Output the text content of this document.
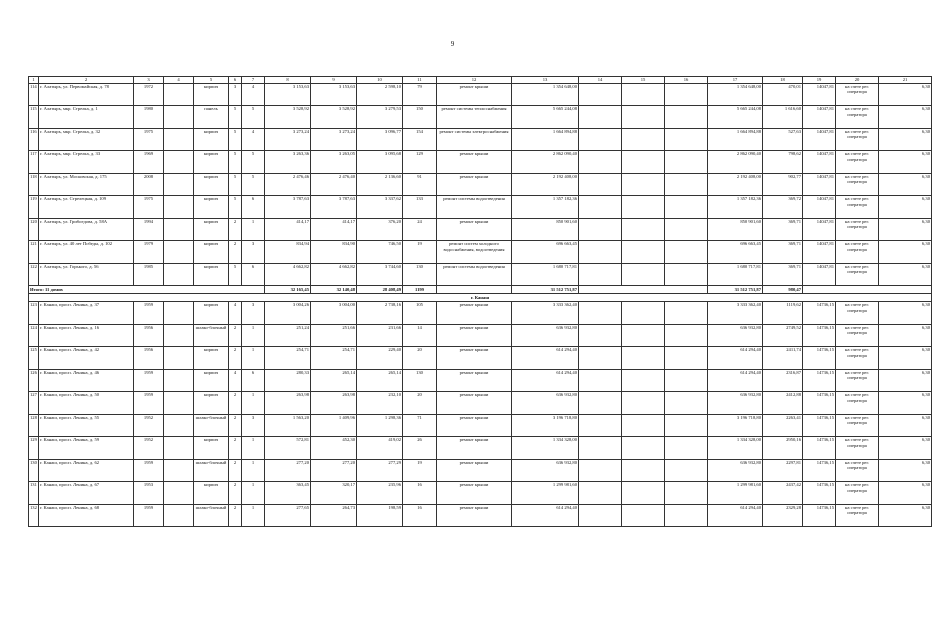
9
1	2	3	4	5	6	7	8	9	10	11	12	13	14	15	16	17	18	19	20	21
114	г. Алатырь, ул. Первомайская, д. 78	1972		кирпич	3	4	3 153,63	3 153,63	2 598,10	79	ремонт крыши	1 354 648,00				1 354 648,00	470,01	14047,81	на счете рег. оператора	6,30
115	г. Алатырь, мкр. Стрелка, д. 1	1980		панель	5	5	3 528,92	3 528,92	3 279,53	150	ремонт системы теплоснабжения	5 665 244,08				5 665 244,08	1 616,60	14047,81	на счете рег. оператора	6,30
116	г. Алатырь, мкр. Стрелка, д. 32	1975		кирпич	5	4	3 273,24	3 273,24	3 096,77	154	ремонт системы электроснабжения	1 664 894,88				1 664 894,88	527,63	14047,81	на счете рег. оператора	6,30
117	г. Алатырь, мкр. Стрелка, д. 33	1969		кирпич	5	5	3 263,36	3 263,05	3 095,68	129	ремонт крыши	2 862 090,40				2 862 090,40	798,62	14047,81	на счете рег. оператора	6,30
118	г. Алатырь, ул. Московская, д. 175	2008		кирпич	5	5	2 476,46	2 476,40	2 136,60	91	ремонт крыши	2 192 408,00				2 192 408,00	902,77	14047,81	на счете рег. оператора	6,30
119	г. Алатырь, ул. Стрелецкая, д. 109	1975		кирпич	5	6	3 787,63	3 787,63	3 337,62	133	ремонт системы водоотведения	1 357 182,36				1 357 182,36	369,72	14047,81	на счете рег. оператора	6,30
120	г. Алатырь, ул. Грибоедова, д. 58А	1994		кирпич	2	1	414,17	414,17	376,20	24	ремонт крыши	850 901,60				850 901,60	369,71	14047,81	на счете рег. оператора	6,30
121	г. Алатырь, ул. 40 лет Победы, д. 102	1979		кирпич	2	3	834,94	834,90	746,50	19	ремонт систем холодного водоснабжения, водоотведения	696 663,45				696 663,45	369,71	14047,81	на счете рег. оператора	6,30
122	г. Алатырь, ул. Горького, д. 56	1985		кирпич	5	6	4 662,82	4 662,82	3 744,60	130	ремонт системы водоотведения	1 680 717,81				1 680 717,81	369,71	14047,81	на счете рег. оператора	6,30
Итого: 11 домов							32 165,45	32 140,48	28 408,49	1199		31 512 751,87				31 512 751,87	980,47			
г. Канаш																				
123	г. Канаш, просп. Ленина, д. 37	1959		кирпич	4	3	3 004,26	3 004,00	2 738,16	105	ремонт крыши	3 333 362,40				3 333 362,40	1119,62	14736,15	на счете рег. оператора	6,30
124	г. Канаш, просп. Ленина, д. 16	1956		шлако-блочный	2	1	251,24	251,66	231,66	14	ремонт крыши	636 932,80				636 932,80	2749,52	14736,15	на счете рег. оператора	6,30
125	г. Канаш, просп. Ленина, д. 42	1956		кирпич	2	1	254,71	254,71	229,40	20	ремонт крыши	614 294,40				614 294,40	2411,74	14736,15	на счете рег. оператора	6,30
126	г. Канаш, просп. Ленина, д. 46	1959		кирпич	4	6	280,33	265,14	265,14	130	ремонт крыши	614 294,40				614 294,40	2316,87	14736,15	на счете рег. оператора	6,30
127	г. Канаш, просп. Ленина, д. 50	1959		кирпич	2	1	263,98	263,98	232,10	20	ремонт крыши	636 932,80				636 932,80	2412,88	14736,15	на счете рег. оператора	6,30
128	г. Канаш, просп. Ленина, д. 55	1952		шлако-блочный	2	3	1 563,20	1 409,96	1 298,36	71	ремонт крыши	3 196 718,80				3 196 718,80	2263,41	14736,15	на счете рег. оператора	6,30
129	г. Канаш, просп. Ленина, д. 59	1952		кирпич	2	1	572,81	452,30	419,02	26	ремонт крыши	1 334 328,00				1 334 328,00	2950,16	14736,15	на счете рег. оператора	6,30
130	г. Канаш, просп. Ленина, д. 62	1959		шлако-блочный	2	1	277,20	277,20	277,29	19	ремонт крыши	636 932,80				636 932,80	2297,81	14736,15	на счете рег. оператора	6,30
131	г. Канаш, просп. Ленина, д. 67	1953		кирпич	2	1	363,45	320,17	235,96	16	ремонт крыши	1 299 981,60				1 299 981,60	2437,42	14736,15	на счете рег. оператора	6,30
132	г. Канаш, просп. Ленина, д. 68	1959		шлако-блочный	2	1	277,65	264,73	198,59	16	ремонт крыши	614 294,40				614 294,40	2329,28	14736,15	на счете рег. оператора	6,30
